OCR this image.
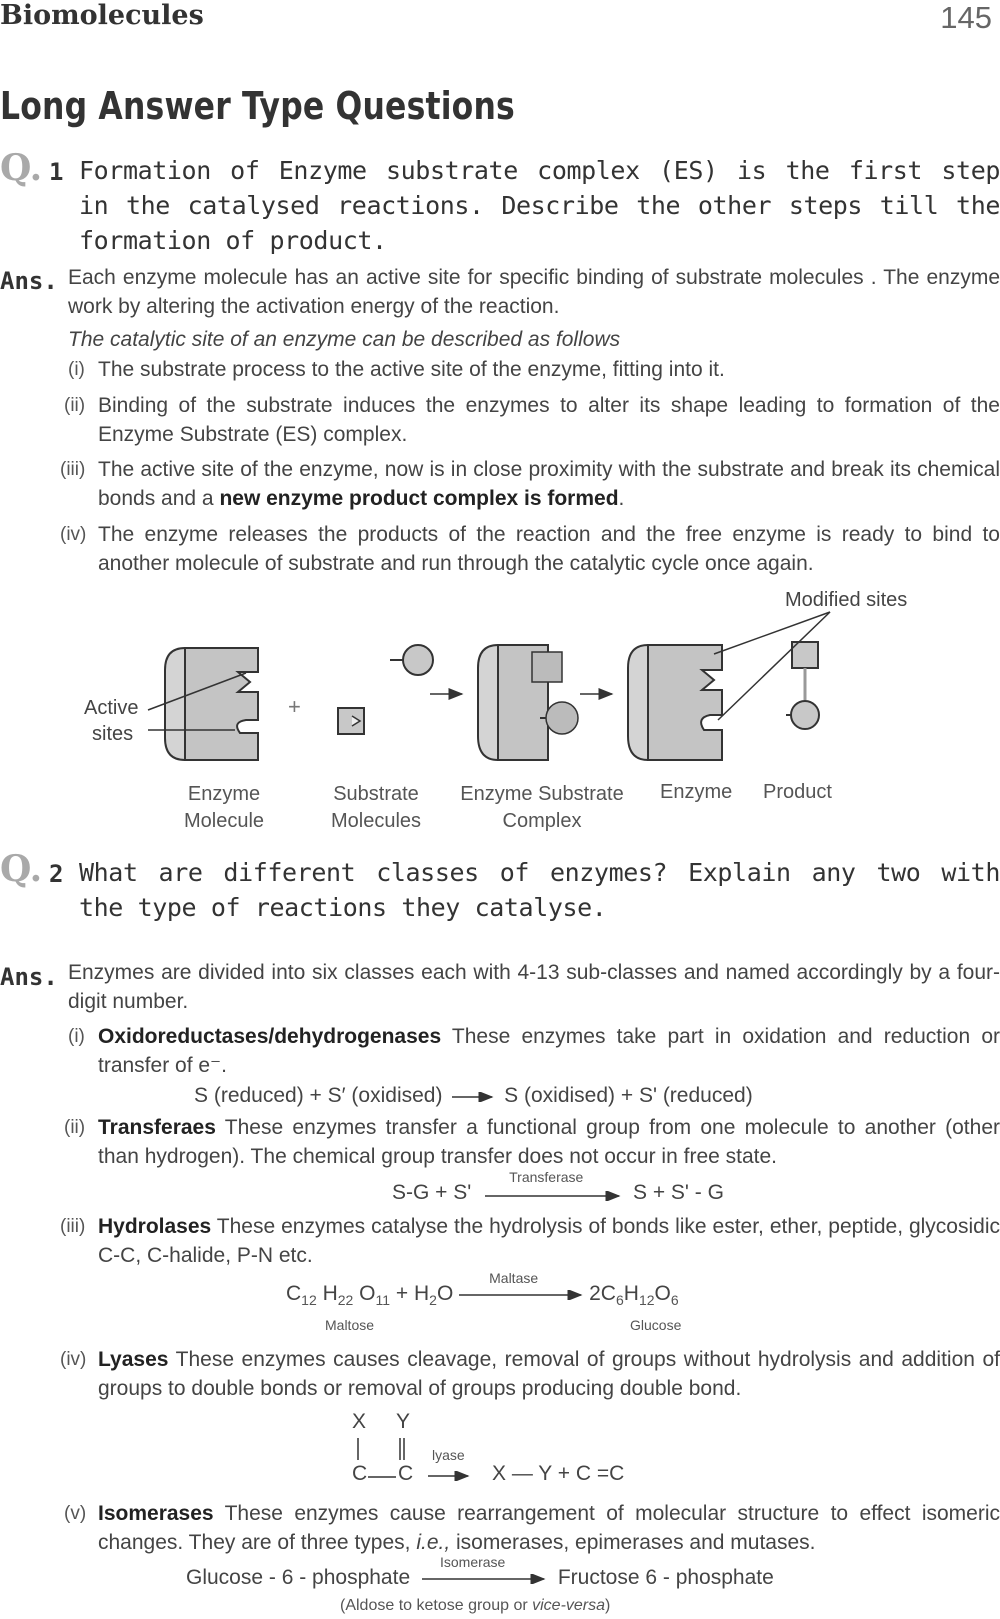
Biomolecules	145
Long Answer Type Questions
Q. 1 Formation of Enzyme substrate complex (ES) is the first step in the catalysed reactions. Describe the other steps till the formation of product.
Ans. Each enzyme molecule has an active site for specific binding of substrate molecules . The enzyme work by altering the activation energy of the reaction.
The catalytic site of an enzyme can be described as follows
(i) The substrate process to the active site of the enzyme, fitting into it.
(ii) Binding of the substrate induces the enzymes to alter its shape leading to formation of the Enzyme Substrate (ES) complex.
(iii) The active site of the enzyme, now is in close proximity with the substrate and break its chemical bonds and a new enzyme product complex is formed.
(iv) The enzyme releases the products of the reaction and the free enzyme is ready to bind to another molecule of substrate and run through the catalytic cycle once again.
Modified sites
Active
sites
+
Enzyme
Molecule
Substrate
Molecules
Enzyme Substrate
Complex
Enzyme Product
Q. 2 What are different classes of enzymes? Explain any two with the type of reactions they catalyse.
Ans. Enzymes are divided into six classes each with 4-13 sub-classes and named accordingly by a four-digit number.
(i) Oxidoreductases/dehydrogenases These enzymes take part in oxidation and reduction or transfer of e⁻.
S (reduced) + S′ (oxidised)	S (oxidised) + S' (reduced)
(ii) Transferaes These enzymes transfer a functional group from one molecule to another (other than hydrogen). The chemical group transfer does not occur in free state.
S-G + S'
Transferase
S + S' - G
(iii) Hydrolases These enzymes catalyse the hydrolysis of bonds like ester, ether, peptide, glycosidic C-C, C-halide, P-N etc.
$C_{12}$ $H_{22}$ $O_{11} + H_2O$
Maltase
$2C_6H_{12}O_6$
Maltose	Glucose
(iv) Lyases These enzymes causes cleavage, removal of groups without hydrolysis and addition of groups to double bonds or removal of groups producing double bond.
X Y
C C
lyase
X — Y + C =C
(v) Isomerases These enzymes cause rearrangement of molecular structure to effect isomeric changes. They are of three types, i.e., isomerases, epimerases and mutases.
Glucose - 6 - phosphate
Isomerase
Fructose 6 - phosphate
(Aldose to ketose group or vice-versa)
